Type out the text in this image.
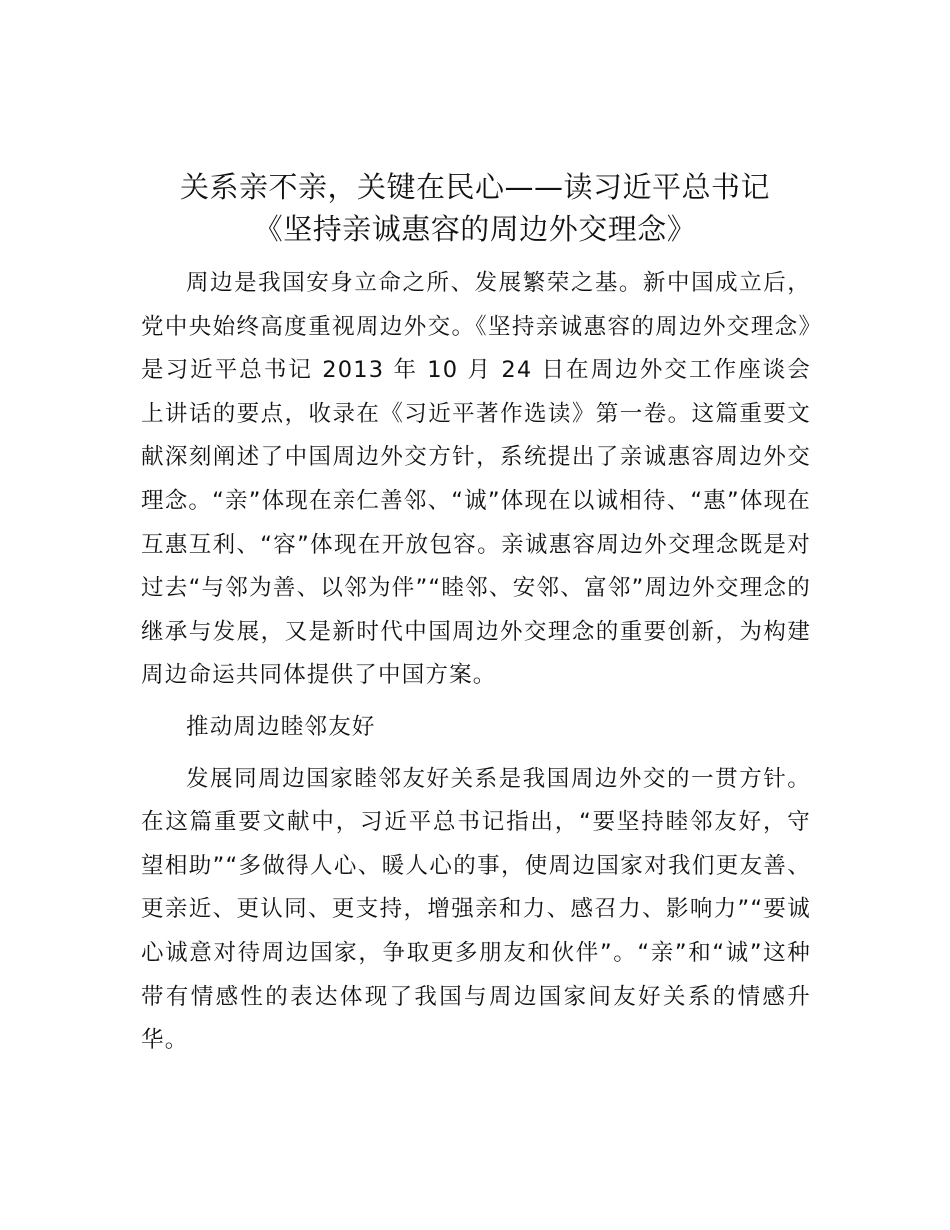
关系亲不亲，关键在民心——读习近平总书记
《坚持亲诚惠容的周边外交理念》

周边是我国安身立命之所、发展繁荣之基。新中国成立后，党中央始终高度重视周边外交。《坚持亲诚惠容的周边外交理念》是习近平总书记 2013 年 10 月 24 日在周边外交工作座谈会上讲话的要点，收录在《习近平著作选读》第一卷。这篇重要文献深刻阐述了中国周边外交方针，系统提出了亲诚惠容周边外交理念。“亲”体现在亲仁善邻、“诚”体现在以诚相待、“惠”体现在互惠互利、“容”体现在开放包容。亲诚惠容周边外交理念既是对过去“与邻为善、以邻为伴”“睦邻、安邻、富邻”周边外交理念的继承与发展，又是新时代中国周边外交理念的重要创新，为构建周边命运共同体提供了中国方案。

推动周边睦邻友好

发展同周边国家睦邻友好关系是我国周边外交的一贯方针。在这篇重要文献中，习近平总书记指出，“要坚持睦邻友好，守望相助”“多做得人心、暖人心的事，使周边国家对我们更友善、更亲近、更认同、更支持，增强亲和力、感召力、影响力”“要诚心诚意对待周边国家，争取更多朋友和伙伴”。“亲”和“诚”这种带有情感性的表达体现了我国与周边国家间友好关系的情感升华。
